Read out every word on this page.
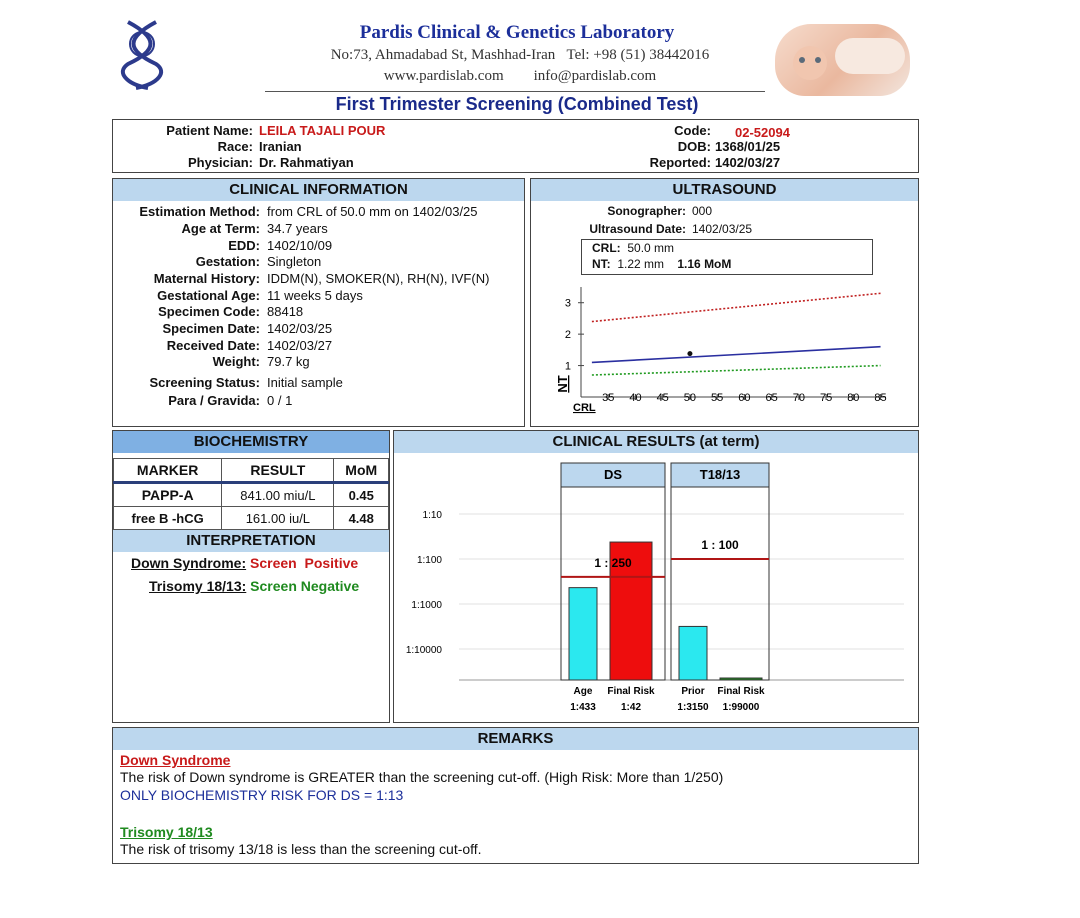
Pardis Clinical & Genetics Laboratory
No:73, Ahmadabad St, Mashhad-Iran Tel: +98 (51) 38442016
www.pardislab.com info@pardislab.com
First Trimester Screening (Combined Test)
Patient Name: LEILA TAJALI POUR
Race: Iranian
Physician: Dr. Rahmatiyan
Code: 02-52094
DOB: 1368/01/25
Reported: 1402/03/27
CLINICAL INFORMATION
Estimation Method: from CRL of 50.0 mm on 1402/03/25
Age at Term: 34.7 years
EDD: 1402/10/09
Gestation: Singleton
Maternal History: IDDM(N), SMOKER(N), RH(N), IVF(N)
Gestational Age: 11 weeks 5 days
Specimen Code: 88418
Specimen Date: 1402/03/25
Received Date: 1402/03/27
Weight: 79.7 kg
Screening Status: Initial sample
Para / Gravida: 0 / 1
ULTRASOUND
Sonographer: 000
Ultrasound Date: 1402/03/25
CRL: 50.0 mm
NT: 1.22 mm 1.16 MoM
35 40 45 50 55 60 65 70 75 80 85
1
2
3
NT
CRL
BIOCHEMISTRY
MARKER	RESULT	MoM
PAPP-A	841.00 miu/L	0.45
free B -hCG	161.00 iu/L	4.48
INTERPRETATION
Down Syndrome: Screen  Positive
Trisomy 18/13: Screen Negative
CLINICAL RESULTS (at term)
1:10
1:100
1:1000
1:10000
DS	T18/13
Age
1:433
Final Risk
1:42
Prior
1:3150
Final Risk
1:99000
1 : 250
1 : 100
REMARKS
Down Syndrome
The risk of Down syndrome is GREATER than the screening cut-off. (High Risk: More than 1/250)
ONLY BIOCHEMISTRY RISK FOR DS = 1:13
Trisomy 18/13
The risk of trisomy 13/18 is less than the screening cut-off.
